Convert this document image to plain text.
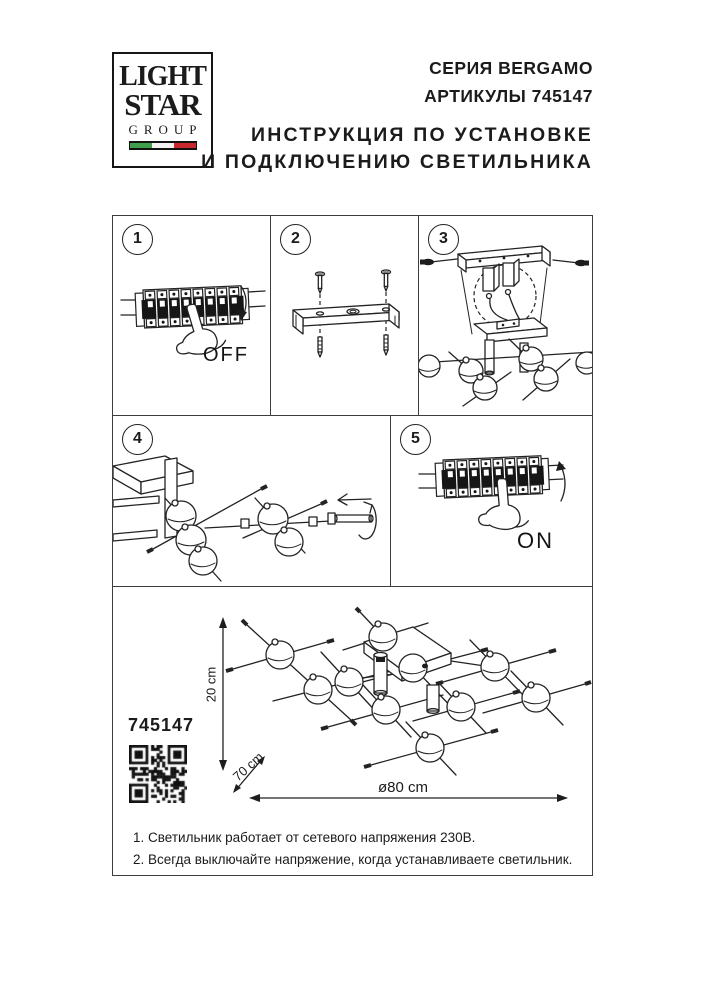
LIGHT
STAR
GROUP
СЕРИЯ BERGAMO
АРТИКУЛЫ 745147
ИНСТРУКЦИЯ ПО УСТАНОВКЕ
И ПОДКЛЮЧЕНИЮ СВЕТИЛЬНИКА
1
OFF
2	3
4	5
ON
20 cm
70 cm
ø80 cm
745147
1. Светильник работает от сетевого напряжения 230В.
2. Всегда выключайте напряжение, когда устанавливаете светильник.
